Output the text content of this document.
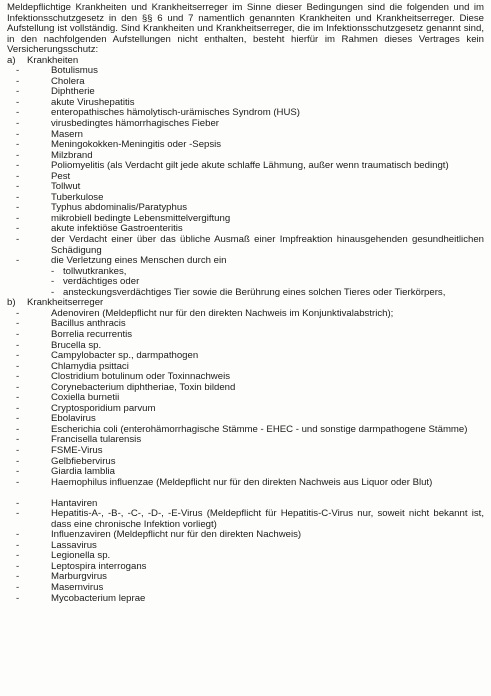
Meldepflichtige Krankheiten und Krankheitserreger im Sinne dieser Bedingungen sind die folgenden und im Infektionsschutzgesetz in den §§ 6 und 7 namentlich genannten Krankheiten und Krankheitserreger. Diese Aufstellung ist vollständig. Sind Krankheiten und Krankheitserreger, die im Infektionsschutzgesetz genannt sind, in den nachfolgenden Aufstellungen nicht enthalten, besteht hierfür im Rahmen dieses Vertrages kein Versicherungsschutz:

a)	Krankheiten
-	Botulismus
-	Cholera
-	Diphtherie
-	akute Virushepatitis
-	enteropathisches hämolytisch-urämisches Syndrom (HUS)
-	virusbedingtes hämorrhagisches Fieber
-	Masern
-	Meningokokken-Meningitis oder -Sepsis
-	Milzbrand
-	Poliomyelitis (als Verdacht gilt jede akute schlaffe Lähmung, außer wenn traumatisch bedingt)
-	Pest
-	Tollwut
-	Tuberkulose
-	Typhus abdominalis/Paratyphus
-	mikrobiell bedingte Lebensmittelvergiftung
-	akute infektiöse Gastroenteritis
-	der Verdacht einer über das übliche Ausmaß einer Impfreaktion hinausgehenden gesundheitlichen Schädigung
-	die Verletzung eines Menschen durch ein
- tollwutkrankes,
- verdächtiges oder
- ansteckungsverdächtiges Tier sowie die Berührung eines solchen Tieres oder Tierkörpers,
b)	Krankheitserreger
-	Adenoviren (Meldepflicht nur für den direkten Nachweis im Konjunktivalabstrich);
-	Bacillus anthracis
-	Borrelia recurrentis
-	Brucella sp.
-	Campylobacter sp., darmpathogen
-	Chlamydia psittaci
-	Clostridium botulinum oder Toxinnachweis
-	Corynebacterium diphtheriae, Toxin bildend
-	Coxiella burnetii
-	Cryptosporidium parvum
-	Ebolavirus
-	Escherichia coli (enterohämorrhagische Stämme - EHEC - und sonstige darmpathogene Stämme)
-	Francisella tularensis
-	FSME-Virus
-	Gelbfiebervirus
-	Giardia lamblia
-	Haemophilus influenzae (Meldepflicht nur für den direkten Nachweis aus Liquor oder Blut)
-	Hantaviren
-	Hepatitis-A-, -B-, -C-, -D-, -E-Virus (Meldepflicht für Hepatitis-C-Virus nur, soweit nicht bekannt ist, dass eine chronische Infektion vorliegt)
-	Influenzaviren (Meldepflicht nur für den direkten Nachweis)
-	Lassavirus
-	Legionella sp.
-	Leptospira interrogans
-	Marburgvirus
-	Masernvirus
-	Mycobacterium leprae
